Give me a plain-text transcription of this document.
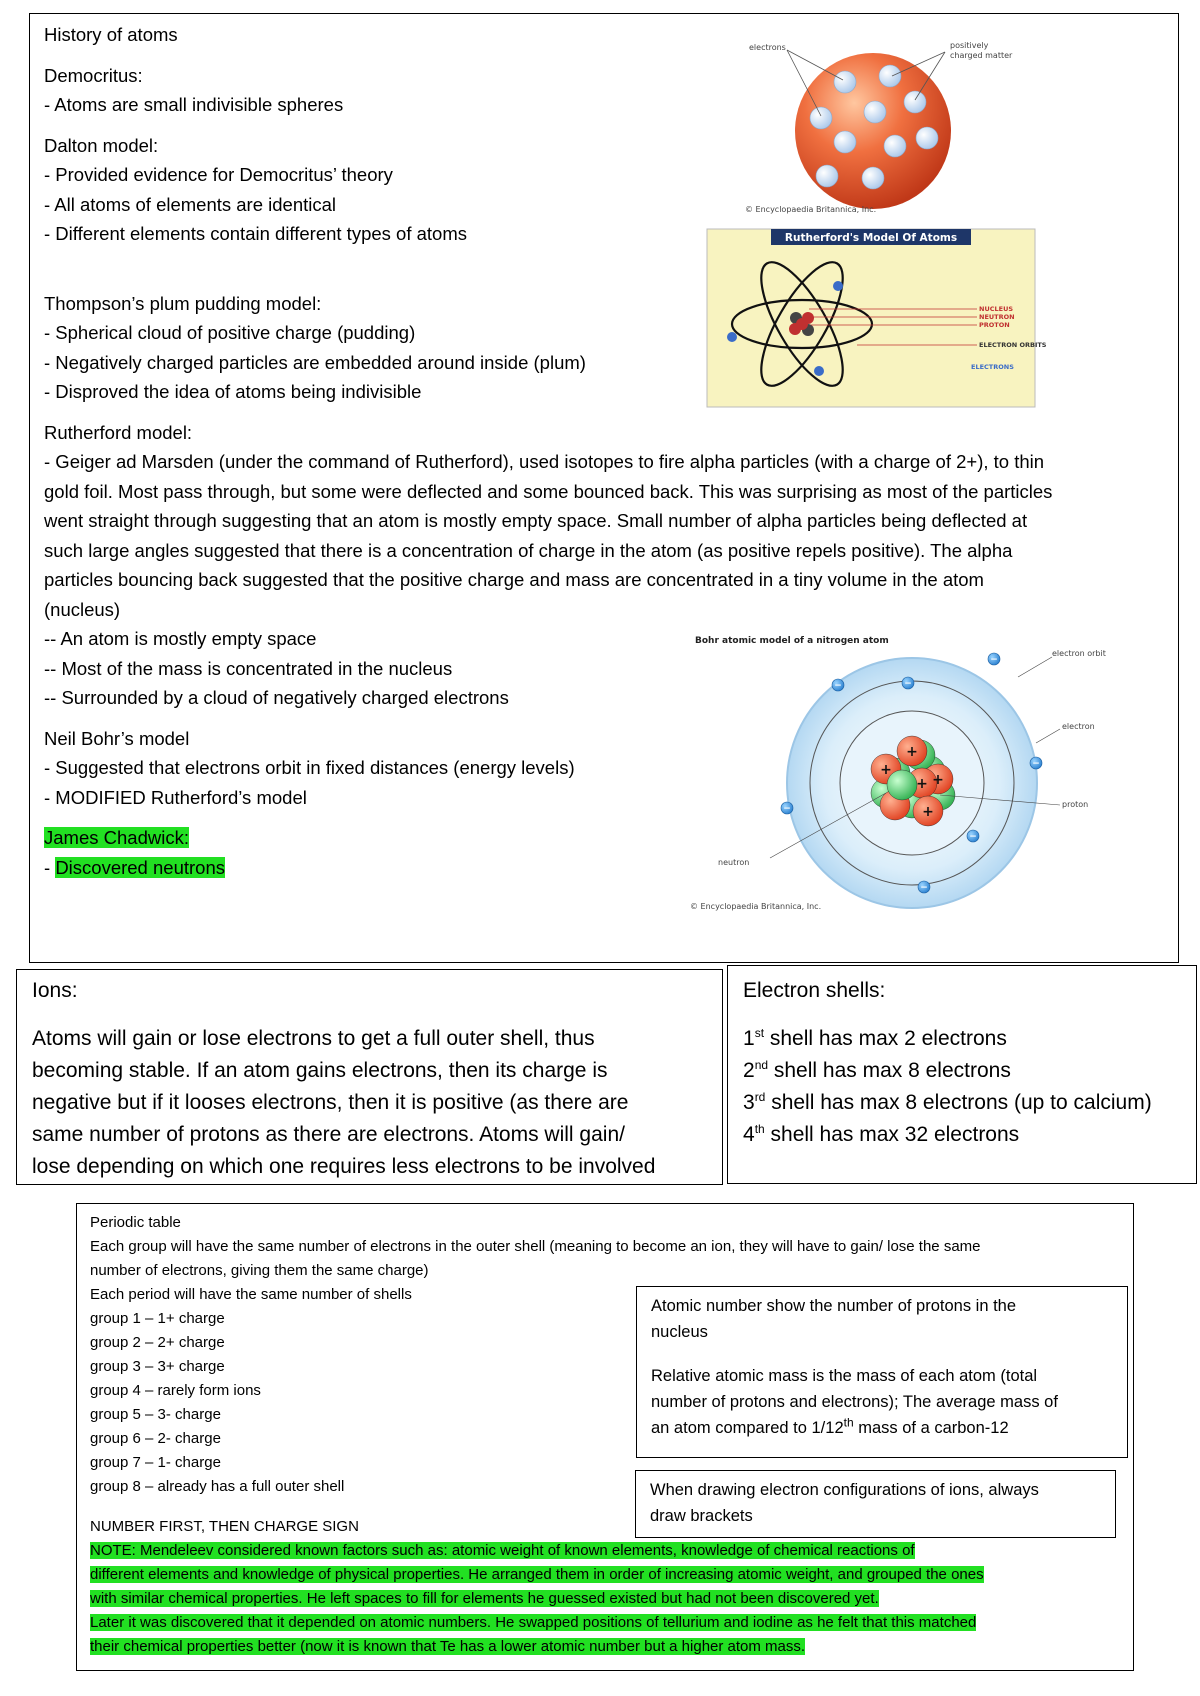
History of atoms
Democritus:
- Atoms are small indivisible spheres
Dalton model:
- Provided evidence for Democritus’ theory
- All atoms of elements are identical
- Different elements contain different types of atoms
Thompson’s plum pudding model:
- Spherical cloud of positive charge (pudding)
- Negatively charged particles are embedded around inside (plum)
- Disproved the idea of atoms being indivisible
Rutherford model:
- Geiger ad Marsden (under the command of Rutherford), used isotopes to fire alpha particles (with a charge of 2+), to thin
gold foil. Most pass through, but some were deflected and some bounced back. This was surprising as most of the particles
went straight through suggesting that an atom is mostly empty space. Small number of alpha particles being deflected at
such large angles suggested that there is a concentration of charge in the atom (as positive repels positive). The alpha
particles bouncing back suggested that the positive charge and mass are concentrated in a tiny volume in the atom
(nucleus)
-- An atom is mostly empty space
-- Most of the mass is concentrated in the nucleus
-- Surrounded by a cloud of negatively charged electrons
Neil Bohr’s model
- Suggested that electrons orbit in fixed distances (energy levels)
- MODIFIED Rutherford’s model
James Chadwick:
- Discovered neutrons
electrons	positively
charged matter
© Encyclopaedia Britannica, Inc.
Rutherford's Model Of Atoms
NUCLEUS
NEUTRON
PROTON
ELECTRON ORBITS
ELECTRONS
Bohr atomic model of a nitrogen atom
+
+
+
+
+
−
−
−
−
−
−
−
electron orbit
electron
proton
neutron
© Encyclopaedia Britannica, Inc.
Ions:
Atoms will gain or lose electrons to get a full outer shell, thus
becoming stable. If an atom gains electrons, then its charge is
negative but if it looses electrons, then it is positive (as there are
same number of protons as there are electrons. Atoms will gain/
lose depending on which one requires less electrons to be involved
Electron shells:
1st shell has max 2 electrons
2nd shell has max 8 electrons
3rd shell has max 8 electrons (up to calcium)
4th shell has max 32 electrons
Periodic table
Each group will have the same number of electrons in the outer shell (meaning to become an ion, they will have to gain/ lose the same
number of electrons, giving them the same charge)
Each period will have the same number of shells
group 1 – 1+ charge
group 2 – 2+ charge
group 3 – 3+ charge
group 4 – rarely form ions
group 5 – 3- charge
group 6 – 2- charge
group 7 – 1- charge
group 8 – already has a full outer shell
NUMBER FIRST, THEN CHARGE SIGN
NOTE: Mendeleev considered known factors such as: atomic weight of known elements, knowledge of chemical reactions of
different elements and knowledge of physical properties. He arranged them in order of increasing atomic weight, and grouped the ones
with similar chemical properties. He left spaces to fill for elements he guessed existed but had not been discovered yet.
Later it was discovered that it depended on atomic numbers. He swapped positions of tellurium and iodine as he felt that this matched
their chemical properties better (now it is known that Te has a lower atomic number but a higher atom mass.
Atomic number show the number of protons in the
nucleus
Relative atomic mass is the mass of each atom (total
number of protons and electrons); The average mass of
an atom compared to 1/12th mass of a carbon-12
When drawing electron configurations of ions, always
draw brackets
